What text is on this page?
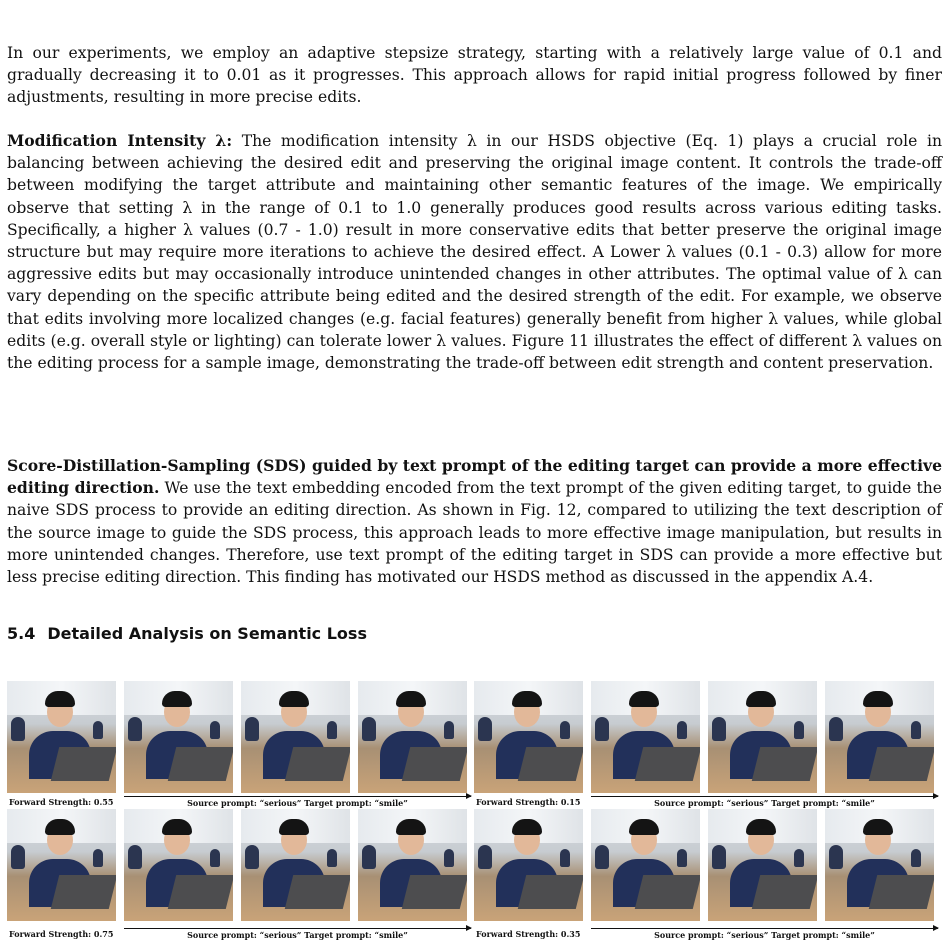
In our experiments, we employ an adaptive stepsize strategy, starting with a relatively large value of 0.1 and gradually decreasing it to 0.01 as it progresses. This approach allows for rapid initial progress followed by finer adjustments, resulting in more precise edits.

Modification Intensity λ: The modification intensity λ in our HSDS objective (Eq. 1) plays a crucial role in balancing between achieving the desired edit and preserving the original image content. It controls the trade-off between modifying the target attribute and maintaining other semantic features of the image. We empirically observe that setting λ in the range of 0.1 to 1.0 generally produces good results across various editing tasks. Specifically, a higher λ values (0.7 - 1.0) result in more conservative edits that better preserve the original image structure but may require more iterations to achieve the desired effect. A Lower λ values (0.1 - 0.3) allow for more aggressive edits but may occasionally introduce unintended changes in other attributes. The optimal value of λ can vary depending on the specific attribute being edited and the desired strength of the edit. For example, we observe that edits involving more localized changes (e.g. facial features) generally benefit from higher λ values, while global edits (e.g. overall style or lighting) can tolerate lower λ values. Figure 11 illustrates the effect of different λ values on the editing process for a sample image, demonstrating the trade-off between edit strength and content preservation.

Score-Distillation-Sampling (SDS) guided by text prompt of the editing target can provide a more effective editing direction. We use the text embedding encoded from the text prompt of the given editing target, to guide the naive SDS process to provide an editing direction. As shown in Fig. 12, compared to utilizing the text description of the source image to guide the SDS process, this approach leads to more effective image manipulation, but results in more unintended changes. Therefore, use text prompt of the editing target in SDS can provide a more effective but less precise editing direction. This finding has motivated our HSDS method as discussed in the appendix A.4.

5.4 Detailed Analysis on Semantic Loss
Forward Strength: 0.55	Source prompt: “serious” Target prompt: “smile”	Forward Strength: 0.15	Source prompt: “serious” Target prompt: “smile”
Forward Strength: 0.75	Source prompt: “serious” Target prompt: “smile”	Forward Strength: 0.35	Source prompt: “serious” Target prompt: “smile”
